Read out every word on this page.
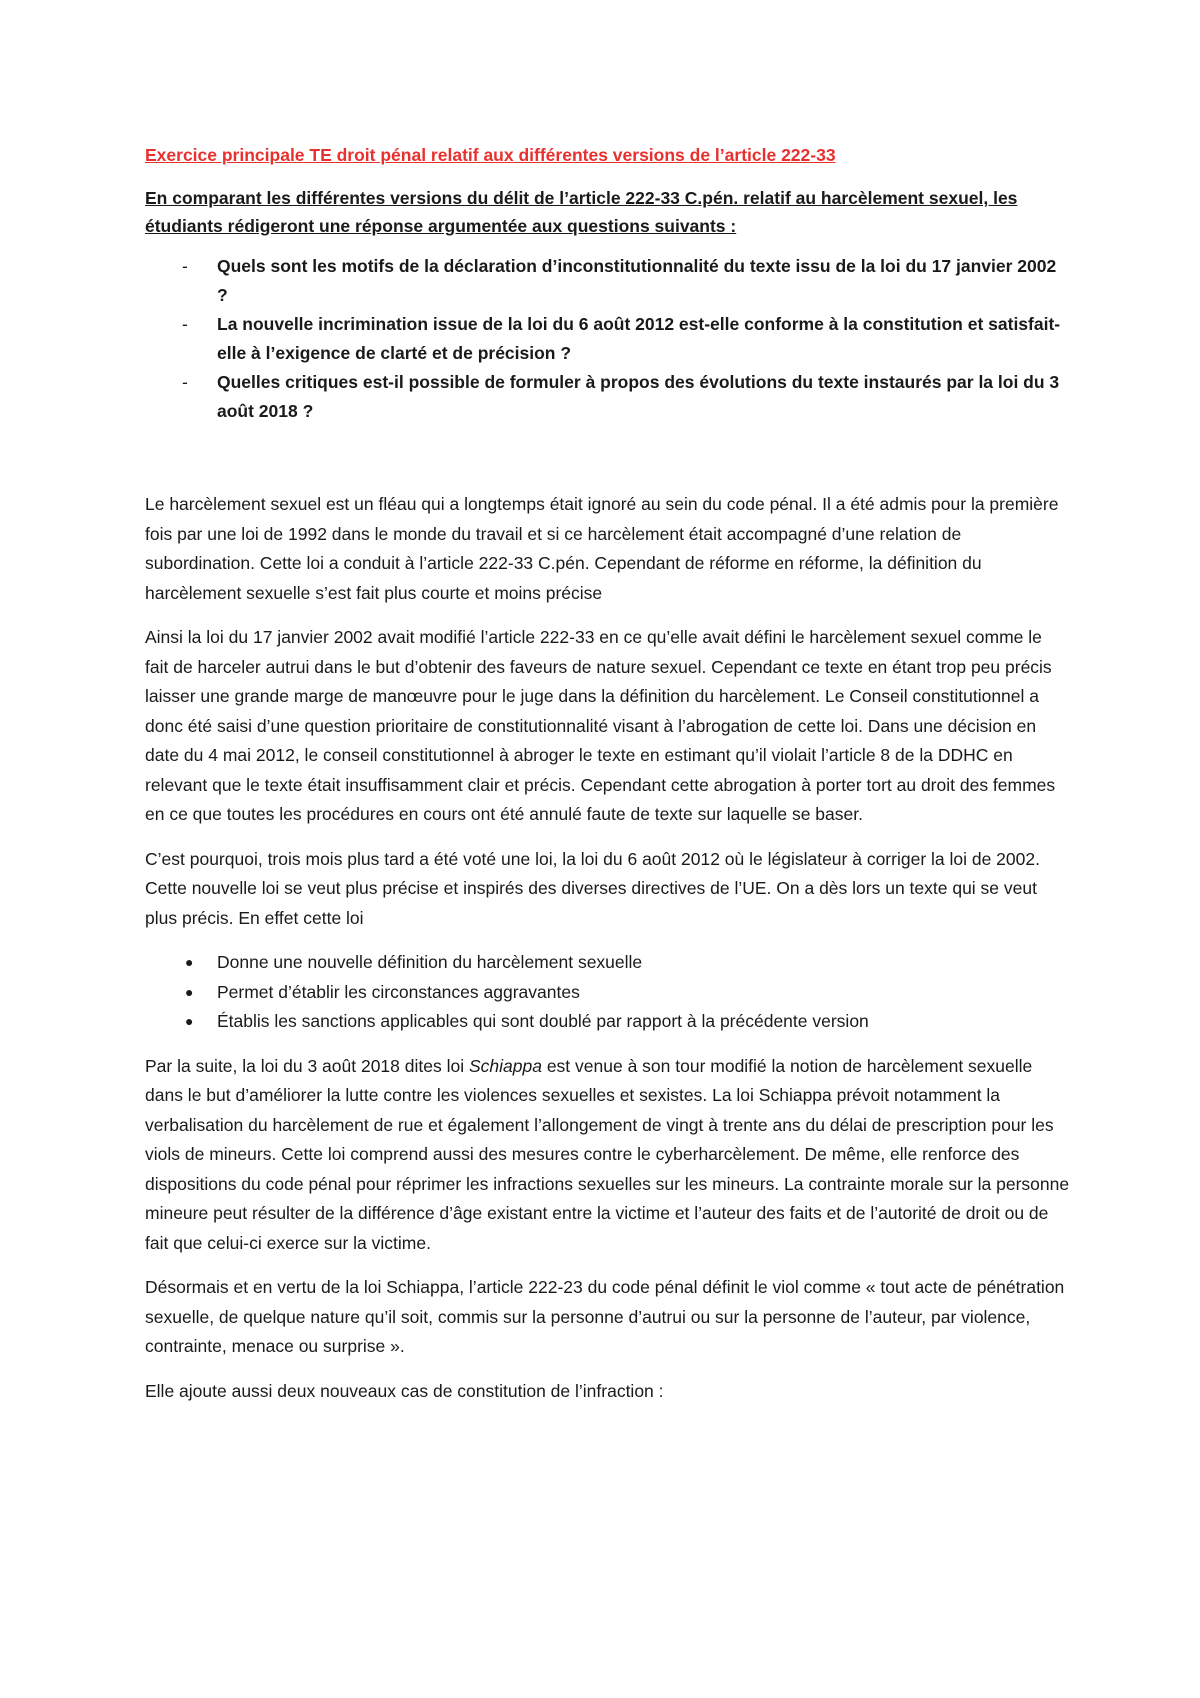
Exercice principale TE droit pénal relatif aux différentes versions de l’article 222-33

En comparant les différentes versions du délit de l’article 222-33 C.pén. relatif au harcèlement sexuel, les étudiants rédigeront une réponse argumentée aux questions suivants :

- Quels sont les motifs de la déclaration d’inconstitutionnalité du texte issu de la loi du 17 janvier 2002 ?
- La nouvelle incrimination issue de la loi du 6 août 2012 est-elle conforme à la constitution et satisfait-elle à l’exigence de clarté et de précision ?
- Quelles critiques est-il possible de formuler à propos des évolutions du texte instaurés par la loi du 3 août 2018 ?

Le harcèlement sexuel est un fléau qui a longtemps était ignoré au sein du code pénal. Il a été admis pour la première fois par une loi de 1992 dans le monde du travail et si ce harcèlement était accompagné d’une relation de subordination. Cette loi a conduit à l’article 222-33 C.pén. Cependant de réforme en réforme, la définition du harcèlement sexuelle s’est fait plus courte et moins précise

Ainsi la loi du 17 janvier 2002 avait modifié l’article 222-33 en ce qu’elle avait défini le harcèlement sexuel comme le fait de harceler autrui dans le but d’obtenir des faveurs de nature sexuel. Cependant ce texte en étant trop peu précis laisser une grande marge de manœuvre pour le juge dans la définition du harcèlement. Le Conseil constitutionnel a donc été saisi d’une question prioritaire de constitutionnalité visant à l’abrogation de cette loi. Dans une décision en date du 4 mai 2012, le conseil constitutionnel à abroger le texte en estimant qu’il violait l’article 8 de la DDHC en relevant que le texte était insuffisamment clair et précis. Cependant cette abrogation à porter tort au droit des femmes en ce que toutes les procédures en cours ont été annulé faute de texte sur laquelle se baser.

C’est pourquoi, trois mois plus tard a été voté une loi, la loi du 6 août 2012 où le législateur à corriger la loi de 2002. Cette nouvelle loi se veut plus précise et inspirés des diverses directives de l’UE. On a dès lors un texte qui se veut plus précis. En effet cette loi

● Donne une nouvelle définition du harcèlement sexuelle
● Permet d’établir les circonstances aggravantes
● Établis les sanctions applicables qui sont doublé par rapport à la précédente version

Par la suite, la loi du 3 août 2018 dites loi Schiappa est venue à son tour modifié la notion de harcèlement sexuelle dans le but d’améliorer la lutte contre les violences sexuelles et sexistes. La loi Schiappa prévoit notamment la verbalisation du harcèlement de rue et également l’allongement de vingt à trente ans du délai de prescription pour les viols de mineurs. Cette loi comprend aussi des mesures contre le cyberharcèlement. De même, elle renforce des dispositions du code pénal pour réprimer les infractions sexuelles sur les mineurs. La contrainte morale sur la personne mineure peut résulter de la différence d’âge existant entre la victime et l’auteur des faits et de l’autorité de droit ou de fait que celui-ci exerce sur la victime.

Désormais et en vertu de la loi Schiappa, l’article 222-23 du code pénal définit le viol comme « tout acte de pénétration sexuelle, de quelque nature qu’il soit, commis sur la personne d’autrui ou sur la personne de l’auteur, par violence, contrainte, menace ou surprise ».

Elle ajoute aussi deux nouveaux cas de constitution de l’infraction :
